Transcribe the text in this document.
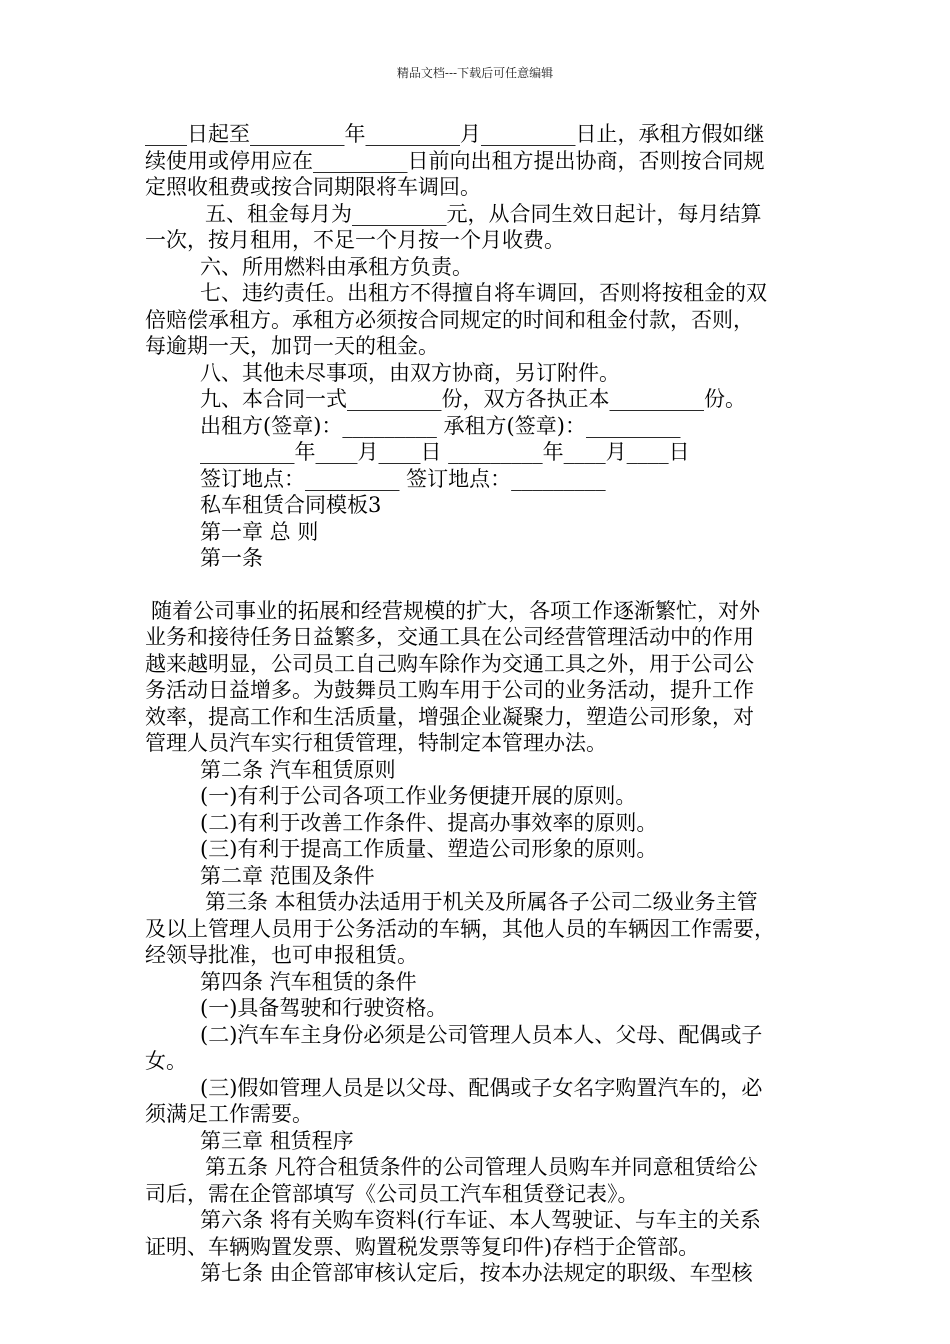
精品文档---下载后可任意编辑
____日起至_________年_________月_________日止，承租方假如继
续使用或停用应在_________日前向出租方提出协商，否则按合同规
定照收租费或按合同期限将车调回。
五、租金每月为_________元，从合同生效日起计，每月结算
一次，按月租用，不足一个月按一个月收费。
六、所用燃料由承租方负责。
七、违约责任。出租方不得擅自将车调回，否则将按租金的双
倍赔偿承租方。承租方必须按合同规定的时间和租金付款，否则，
每逾期一天，加罚一天的租金。
八、其他未尽事项，由双方协商，另订附件。
九、本合同一式_________份，双方各执正本_________份。
出租方(签章)：_________ 承租方(签章)：_________
_________年____月____日 _________年____月____日
签订地点：_________ 签订地点：_________
私车租赁合同模板3
第一章 总 则
第一条
随着公司事业的拓展和经营规模的扩大，各项工作逐渐繁忙，对外
业务和接待任务日益繁多，交通工具在公司经营管理活动中的作用
越来越明显，公司员工自己购车除作为交通工具之外，用于公司公
务活动日益增多。为鼓舞员工购车用于公司的业务活动，提升工作
效率，提高工作和生活质量，增强企业凝聚力，塑造公司形象，对
管理人员汽车实行租赁管理，特制定本管理办法。
第二条 汽车租赁原则
(一)有利于公司各项工作业务便捷开展的原则。
(二)有利于改善工作条件、提高办事效率的原则。
(三)有利于提高工作质量、塑造公司形象的原则。
第二章 范围及条件
第三条 本租赁办法适用于机关及所属各子公司二级业务主管
及以上管理人员用于公务活动的车辆，其他人员的车辆因工作需要，
经领导批准，也可申报租赁。
第四条 汽车租赁的条件
(一)具备驾驶和行驶资格。
(二)汽车车主身份必须是公司管理人员本人、父母、配偶或子
女。
(三)假如管理人员是以父母、配偶或子女名字购置汽车的，必
须满足工作需要。
第三章 租赁程序
第五条 凡符合租赁条件的公司管理人员购车并同意租赁给公
司后，需在企管部填写《公司员工汽车租赁登记表》。
第六条 将有关购车资料(行车证、本人驾驶证、与车主的关系
证明、车辆购置发票、购置税发票等复印件)存档于企管部。
第七条 由企管部审核认定后，按本办法规定的职级、车型核
